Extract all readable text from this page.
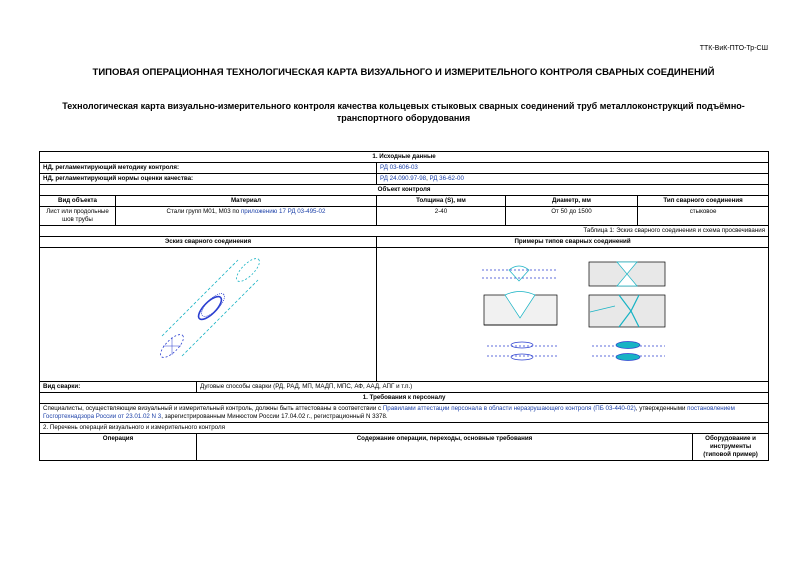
ТТК-ВиК-ПТО-Тр-СШ
ТИПОВАЯ ОПЕРАЦИОННАЯ ТЕХНОЛОГИЧЕСКАЯ КАРТА ВИЗУАЛЬНОГО И ИЗМЕРИТЕЛЬНОГО КОНТРОЛЯ СВАРНЫХ СОЕДИНЕНИЙ
Технологическая карта визуально-измерительного контроля качества кольцевых стыковых сварных соединений труб металлоконструкций подъёмно-транспортного оборудования
1. Исходные данные						
НД, регламентирующий методику контроля:			РД 03-606-03			
НД, регламентирующий нормы оценки качества:			РД 24.090.97-98, РД 36-62-00			
Объект контроля						
Вид объекта	Материал		Толщина (S), мм	Диаметр, мм	Тип сварного соединения	
Лист или продольные шов трубы	Стали групп М01, М03 по приложению 17 РД 03-495-02		2-40	От 50 до 1500	стыковое	
Таблица 1: Эскиз сварного соединения и схема просвечивания						
Эскиз сварного соединения			Примеры типов сварных соединений			

Вид сварки:		Дуговые способы сварки (РД, РАД, МП, МАДП, МПС, АФ, ААД, АПГ и т.п.)				
1. Требования к персоналу						
Специалисты, осуществляющие визуальный и измерительный контроль, должны быть аттестованы в соответствии с Правилами аттестации персонала в области неразрушающего контроля (ПБ 03-440-02), утвержденными постановлением Госгортехнадзора России от 23.01.02 N 3, зарегистрированным Минюстом России 17.04.02 г., регистрационный N 3378.						
2. Перечень операций визуального и измерительного контроля						
Операция		Содержание операции, переходы, основные требования				Оборудование и инструменты (типовой пример)
